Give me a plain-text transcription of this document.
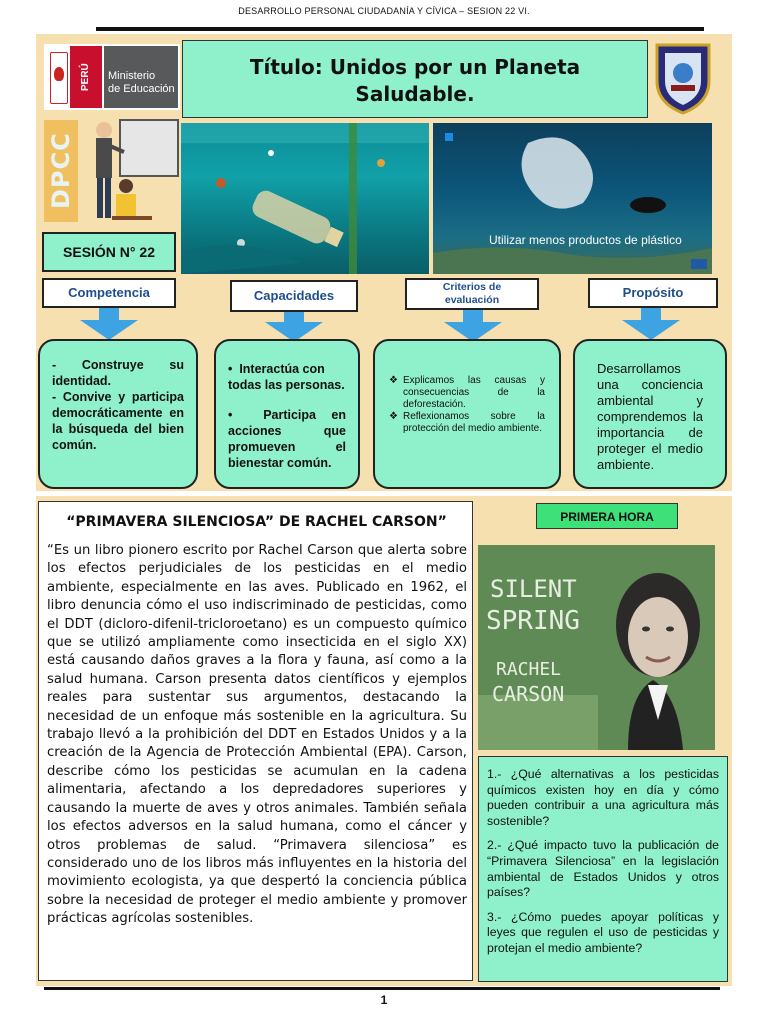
DESARROLLO PERSONAL CIUDADANÍA Y CÍVICA – SESION 22 VI.
PERÚ	Ministerio
de Educación
Título: Unidos por un Planeta
Saludable.
DPCC
Utilizar menos productos de plástico
SESIÓN N° 22
Competencia	Capacidades
Criterios de
evaluación	Propósito

- Construye su identidad.

- Convive y participa democráticamente en la búsqueda del bien común.

•  Interactúa con todas las personas.

•  Participa en acciones que promueven el bienestar común.

❖ Explicamos las causas y consecuencias de la deforestación.

❖ Reflexionamos sobre la protección del medio ambiente.

Desarrollamos una conciencia ambiental y comprendemos la importancia de proteger el medio ambiente.

“PRIMAVERA SILENCIOSA” DE RACHEL CARSON”
“Es un libro pionero escrito por Rachel Carson que alerta sobre los efectos perjudiciales de los pesticidas en el medio ambiente, especialmente en las aves. Publicado en 1962, el libro denuncia cómo el uso indiscriminado de pesticidas, como el DDT (dicloro-difenil-tricloroetano) es un compuesto químico que se utilizó ampliamente como insecticida en el siglo XX) está causando daños graves a la flora y fauna, así como a la salud humana. Carson presenta datos científicos y ejemplos reales para sustentar sus argumentos, destacando la necesidad de un enfoque más sostenible en la agricultura. Su trabajo llevó a la prohibición del DDT en Estados Unidos y a la creación de la Agencia de Protección Ambiental (EPA). Carson, describe cómo los pesticidas se acumulan en la cadena alimentaria, afectando a los depredadores superiores y causando la muerte de aves y otros animales. También señala los efectos adversos en la salud humana, como el cáncer y otros problemas de salud. “Primavera silenciosa” es considerado uno de los libros más influyentes en la historia del movimiento ecologista, ya que despertó la conciencia pública sobre la necesidad de proteger el medio ambiente y promover prácticas agrícolas sostenibles.
PRIMERA HORA
SILENT
SPRING
RACHEL
CARSON

1.- ¿Qué alternativas a los pesticidas químicos existen hoy en día y cómo pueden contribuir a una agricultura más sostenible?

2.- ¿Qué impacto tuvo la publicación de “Primavera Silenciosa” en la legislación ambiental de Estados Unidos y otros países?

3.- ¿Cómo puedes apoyar políticas y leyes que regulen el uso de pesticidas y protejan el medio ambiente?

1
